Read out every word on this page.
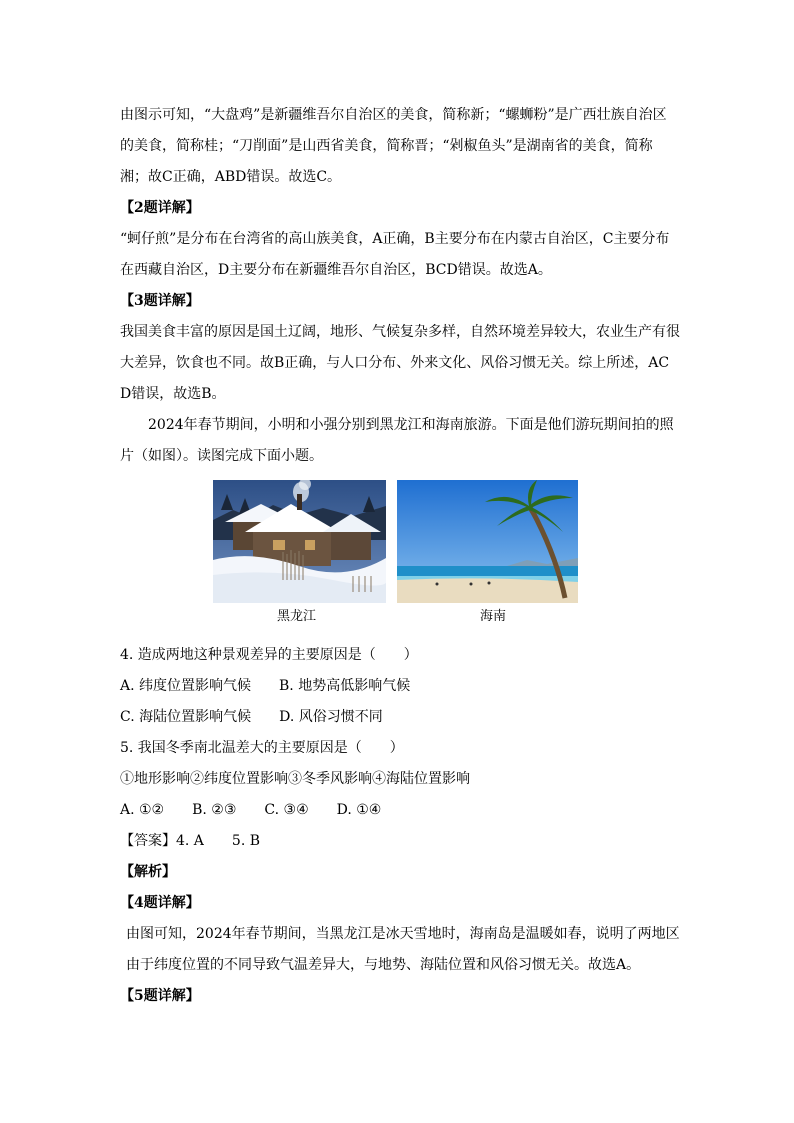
由图示可知，“大盘鸡”是新疆维吾尔自治区的美食，简称新；“螺蛳粉”是广西壮族自治区的美食，简称桂；“刀削面”是山西省美食，简称晋；“剁椒鱼头”是湖南省的美食，简称湘；故C正确，ABD错误。故选C。

【2题详解】

“蚵仔煎”是分布在台湾省的高山族美食，A正确，B主要分布在内蒙古自治区，C主要分布在西藏自治区，D主要分布在新疆维吾尔自治区，BCD错误。故选A。

【3题详解】

我国美食丰富的原因是国土辽阔，地形、气候复杂多样，自然环境差异较大，农业生产有很大差异，饮食也不同。故B正确，与人口分布、外来文化、风俗习惯无关。综上所述，ACD错误，故选B。

2024年春节期间，小明和小强分别到黑龙江和海南旅游。下面是他们游玩期间拍的照片（如图）。读图完成下面小题。

黑龙江	海南

4. 造成两地这种景观差异的主要原因是（　　）

A. 纬度位置影响气候　　B. 地势高低影响气候

C. 海陆位置影响气候　　D. 风俗习惯不同

5. 我国冬季南北温差大的主要原因是（　　）

①地形影响②纬度位置影响③冬季风影响④海陆位置影响

A. ①②　　B. ②③　　C. ③④　　D. ①④

【答案】4. A　　5. B

【解析】

【4题详解】

由图可知，2024年春节期间，当黑龙江是冰天雪地时，海南岛是温暖如春，说明了两地区由于纬度位置的不同导致气温差异大，与地势、海陆位置和风俗习惯无关。故选A。

【5题详解】
